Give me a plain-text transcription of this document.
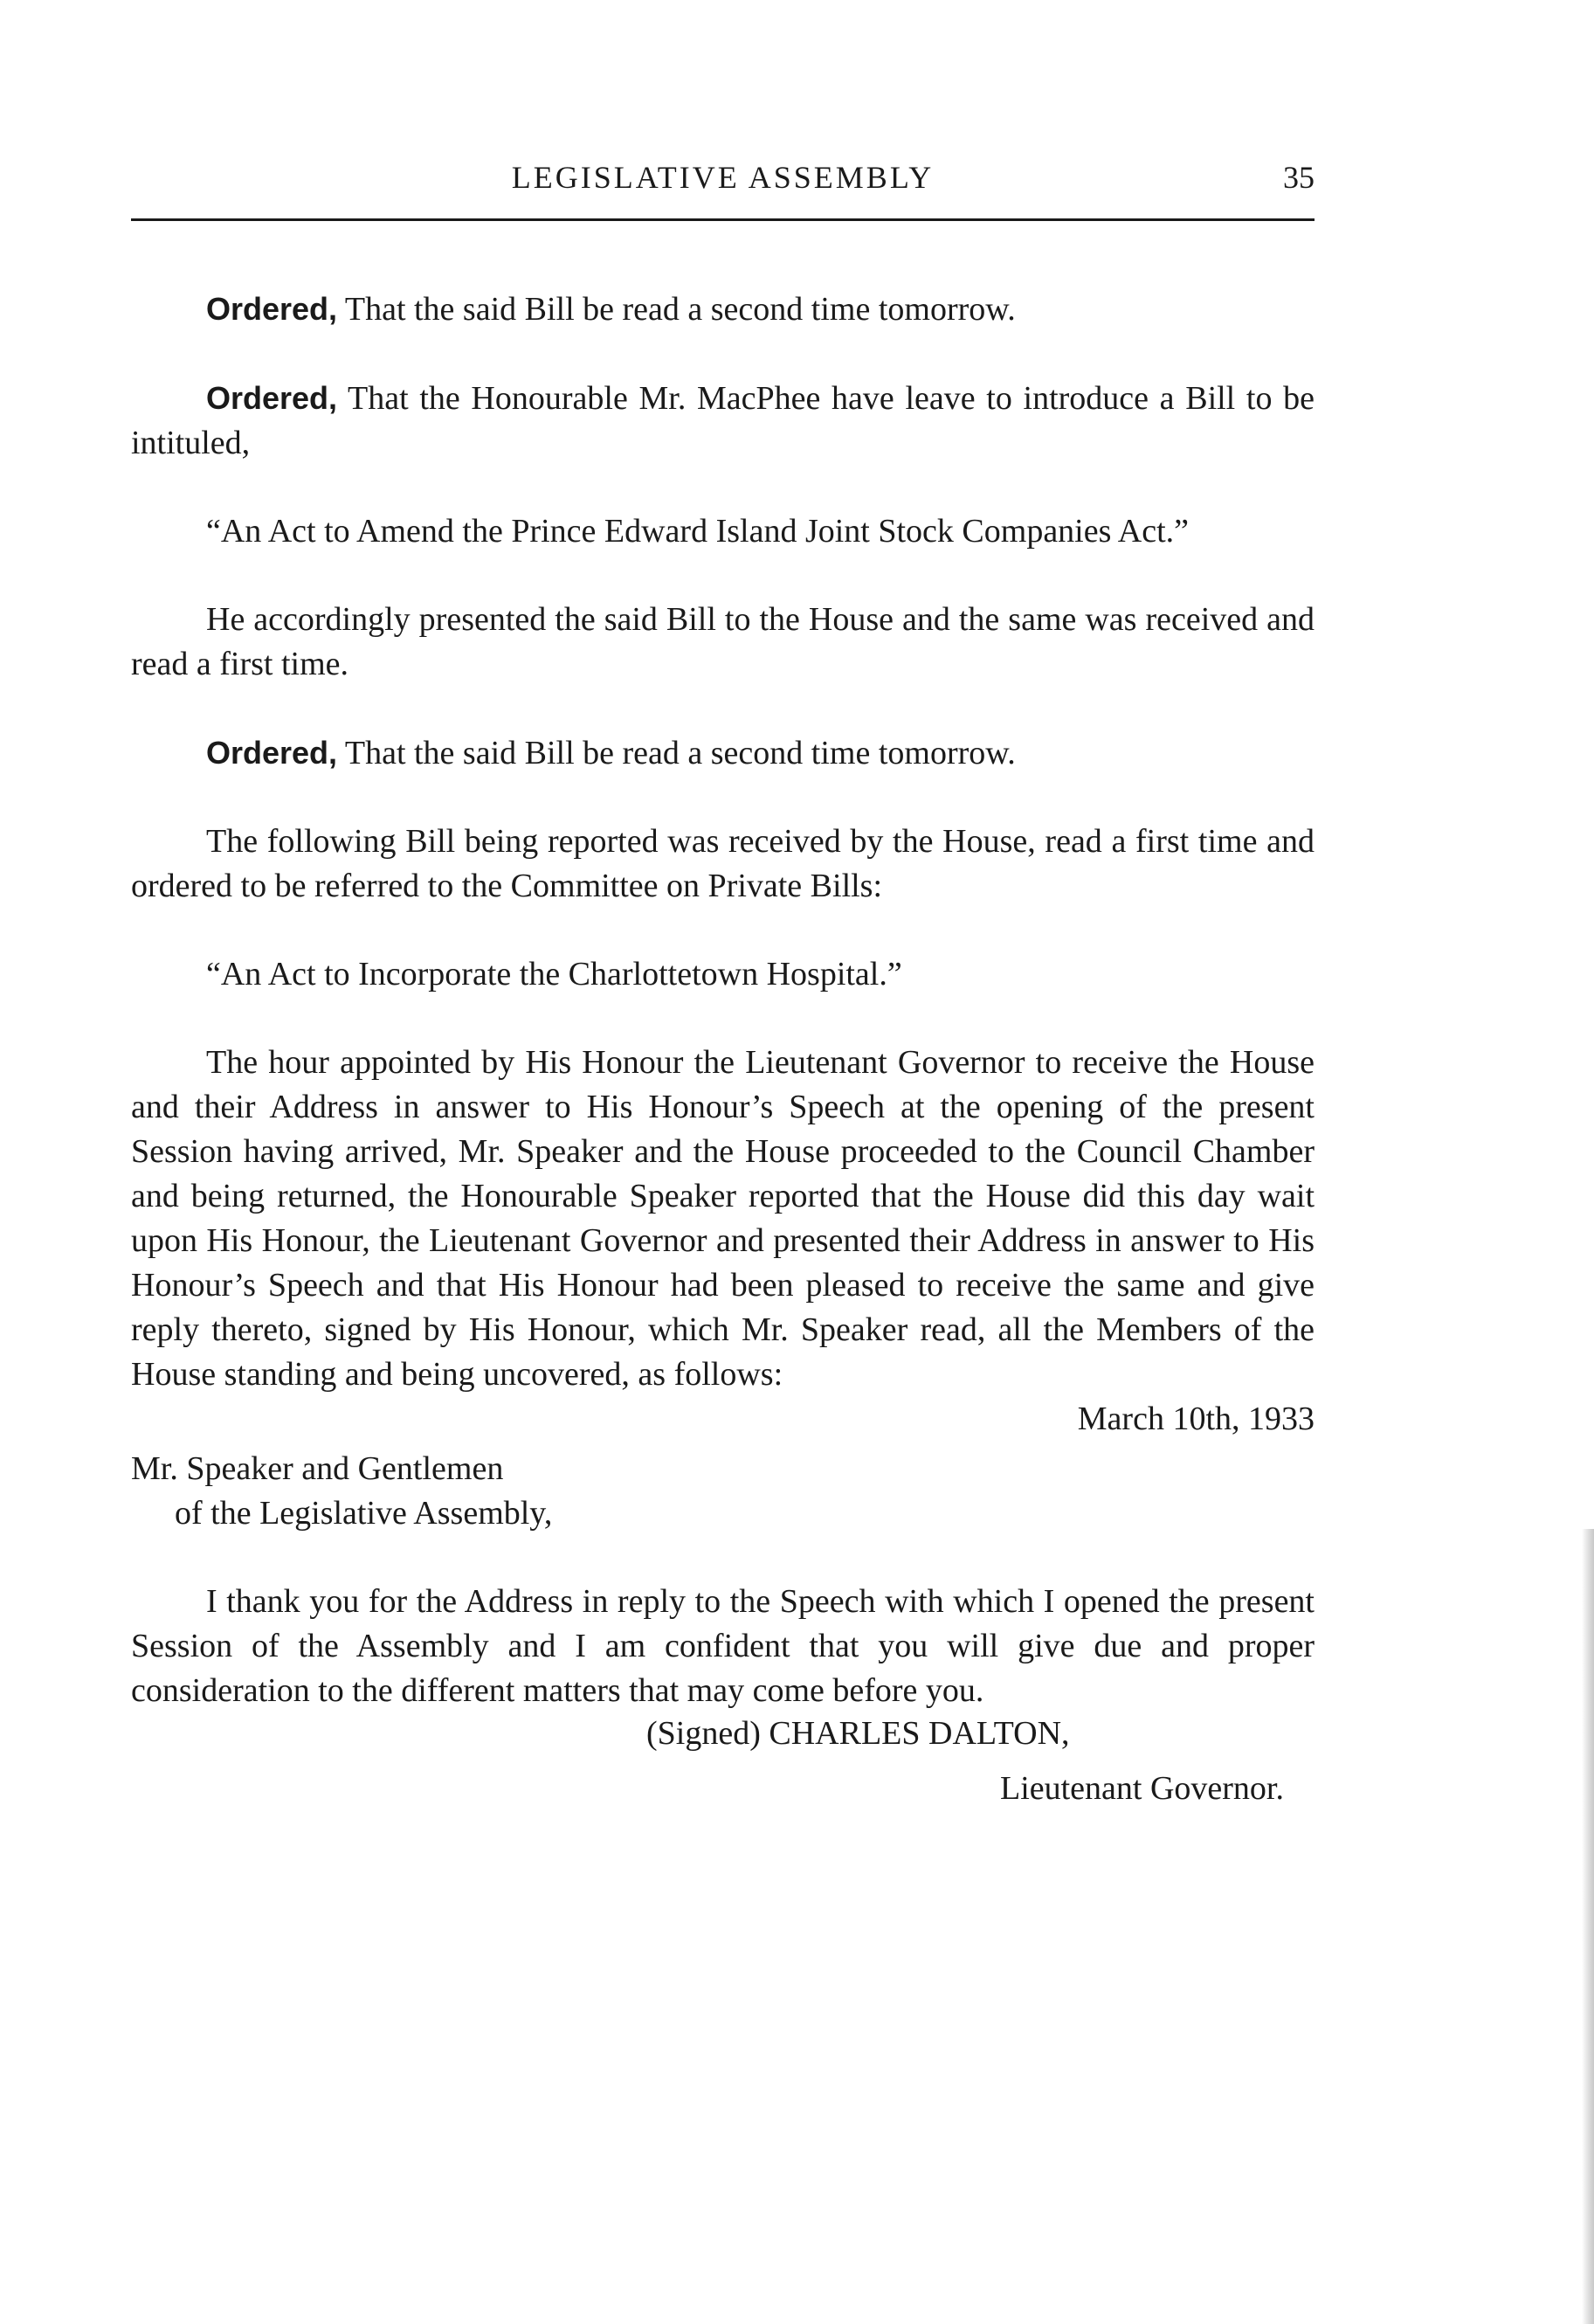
LEGISLATIVE ASSEMBLY	35

Ordered, That the said Bill be read a second time tomorrow.

Ordered, That the Honourable Mr. MacPhee have leave to introduce a Bill to be intituled,

“An Act to Amend the Prince Edward Island Joint Stock Companies Act.”

He accordingly presented the said Bill to the House and the same was received and read a first time.

Ordered, That the said Bill be read a second time tomorrow.

The following Bill being reported was received by the House, read a first time and ordered to be referred to the Committee on Private Bills:

“An Act to Incorporate the Charlottetown Hospital.”

The hour appointed by His Honour the Lieutenant Governor to receive the House and their Address in answer to His Honour’s Speech at the opening of the present Session having arrived, Mr. Speaker and the House proceeded to the Council Chamber and being returned, the Honourable Speaker reported that the House did this day wait upon His Honour, the Lieutenant Governor and presented their Address in answer to His Honour’s Speech and that His Honour had been pleased to receive the same and give reply thereto, signed by His Honour, which Mr. Speaker read, all the Members of the House standing and being uncovered, as follows:

March 10th, 1933

Mr. Speaker and Gentlemen
of the Legislative Assembly,

I thank you for the Address in reply to the Speech with which I opened the present Session of the Assembly and I am confident that you will give due and proper consideration to the different matters that may come before you.

(Signed) CHARLES DALTON,
Lieutenant Governor.
